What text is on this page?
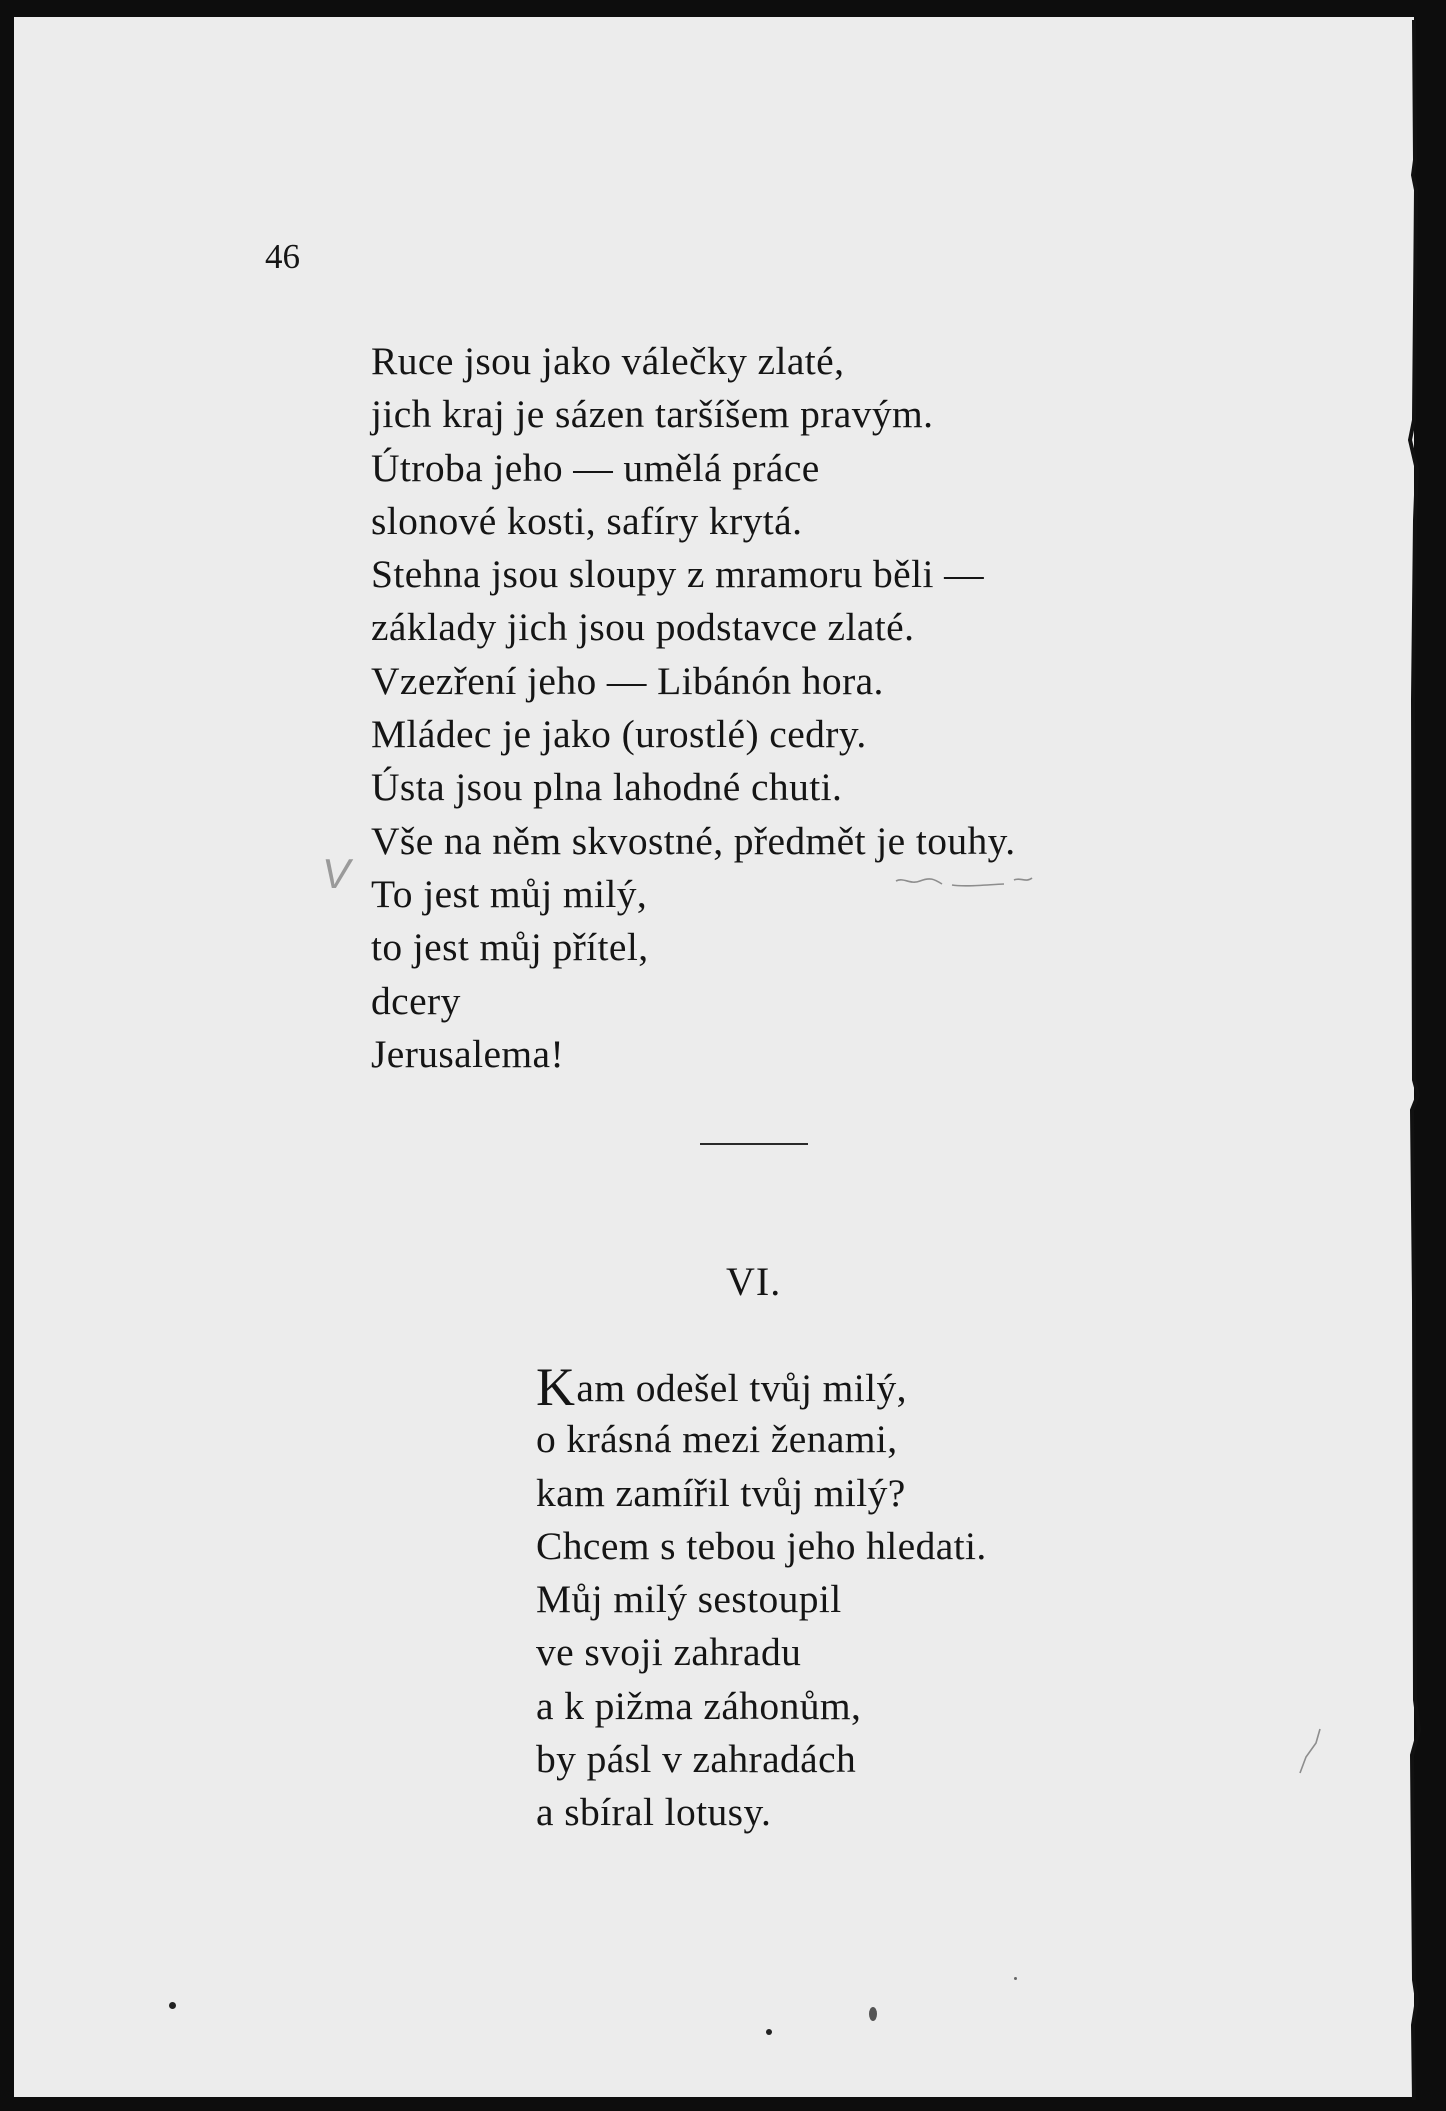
46
Ruce jsou jako válečky zlaté,
jich kraj je sázen taršíšem pravým.
Útroba jeho — umělá práce
slonové kosti, safíry krytá.
Stehna jsou sloupy z mramoru běli —
základy jich jsou podstavce zlaté.
Vzezření jeho — Libánón hora.
Mládec je jako (urostlé) cedry.
Ústa jsou plna lahodné chuti.
Vše na něm skvostné, předmět je touhy.
To jest můj milý,
to jest můj přítel,
dcery
Jerusalema!
V
VI.
Kam odešel tvůj milý,
o krásná mezi ženami,
kam zamířil tvůj milý?
Chcem s tebou jeho hledati.
Můj milý sestoupil
ve svoji zahradu
a k pižma záhonům,
by pásl v zahradách
a sbíral lotusy.
